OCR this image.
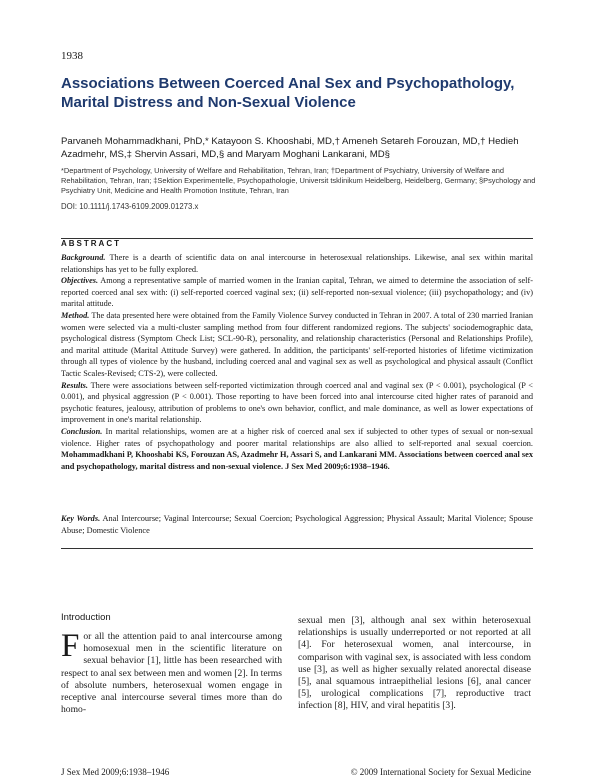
1938
Associations Between Coerced Anal Sex and Psychopathology, Marital Distress and Non-Sexual Violence
Parvaneh Mohammadkhani, PhD,* Katayoon S. Khooshabi, MD,† Ameneh Setareh Forouzan, MD,† Hedieh Azadmehr, MS,‡ Shervin Assari, MD,§ and Maryam Moghani Lankarani, MD§
*Department of Psychology, University of Welfare and Rehabilitation, Tehran, Iran; †Department of Psychiatry, University of Welfare and Rehabilitation, Tehran, Iran; ‡Sektion Experimentelle, Psychopathologie, Universit tsklinikum Heidelberg, Heidelberg, Germany; §Psychology and Psychiatry Unit, Medicine and Health Promotion Institute, Tehran, Iran
DOI: 10.1111/j.1743-6109.2009.01273.x
ABSTRACT

Background. There is a dearth of scientific data on anal intercourse in heterosexual relationships. Likewise, anal sex within marital relationships has yet to be fully explored.

Objectives. Among a representative sample of married women in the Iranian capital, Tehran, we aimed to determine the association of self-reported coerced anal sex with: (i) self-reported coerced vaginal sex; (ii) self-reported non-sexual violence; (iii) psychopathology; and (iv) marital attitude.

Method. The data presented here were obtained from the Family Violence Survey conducted in Tehran in 2007. A total of 230 married Iranian women were selected via a multi-cluster sampling method from four different randomized regions. The subjects' sociodemographic data, psychological distress (Symptom Check List; SCL-90-R), personality, and relationship characteristics (Personal and Relationships Profile), and marital attitude (Marital Attitude Survey) were gathered. In addition, the participants' self-reported histories of lifetime victimization through all types of violence by the husband, including coerced anal and vaginal sex as well as psychological and physical assault (Conflict Tactic Scales-Revised; CTS-2), were collected.

Results. There were associations between self-reported victimization through coerced anal and vaginal sex (P < 0.001), psychological (P < 0.001), and physical aggression (P < 0.001). Those reporting to have been forced into anal intercourse cited higher rates of paranoid and psychotic features, jealousy, attribution of problems to one's own behavior, conflict, and male dominance, as well as lower expectations of improvement in one's marital relationship.

Conclusion. In marital relationships, women are at a higher risk of coerced anal sex if subjected to other types of sexual or non-sexual violence. Higher rates of psychopathology and poorer marital relationships are also allied to self-reported anal sexual coercion. Mohammadkhani P, Khooshabi KS, Forouzan AS, Azadmehr H, Assari S, and Lankarani MM. Associations between coerced anal sex and psychopathology, marital distress and non-sexual violence. J Sex Med 2009;6:1938–1946.

Key Words. Anal Intercourse; Vaginal Intercourse; Sexual Coercion; Psychological Aggression; Physical Assault; Marital Violence; Spouse Abuse; Domestic Violence
Introduction

For all the attention paid to anal intercourse among homosexual men in the scientific literature on sexual behavior [1], little has been researched with respect to anal sex between men and women [2]. In terms of absolute numbers, heterosexual women engage in receptive anal intercourse several times more than do homo-

sexual men [3], although anal sex within heterosexual relationships is usually underreported or not reported at all [4]. For heterosexual women, anal intercourse, in comparison with vaginal sex, is associated with less condom use [3], as well as higher sexually related anorectal disease [5], anal squamous intraepithelial lesions [6], anal cancer [5], urological complications [7], reproductive tract infection [8], HIV, and viral hepatitis [3].

J Sex Med 2009;6:1938–1946	© 2009 International Society for Sexual Medicine
